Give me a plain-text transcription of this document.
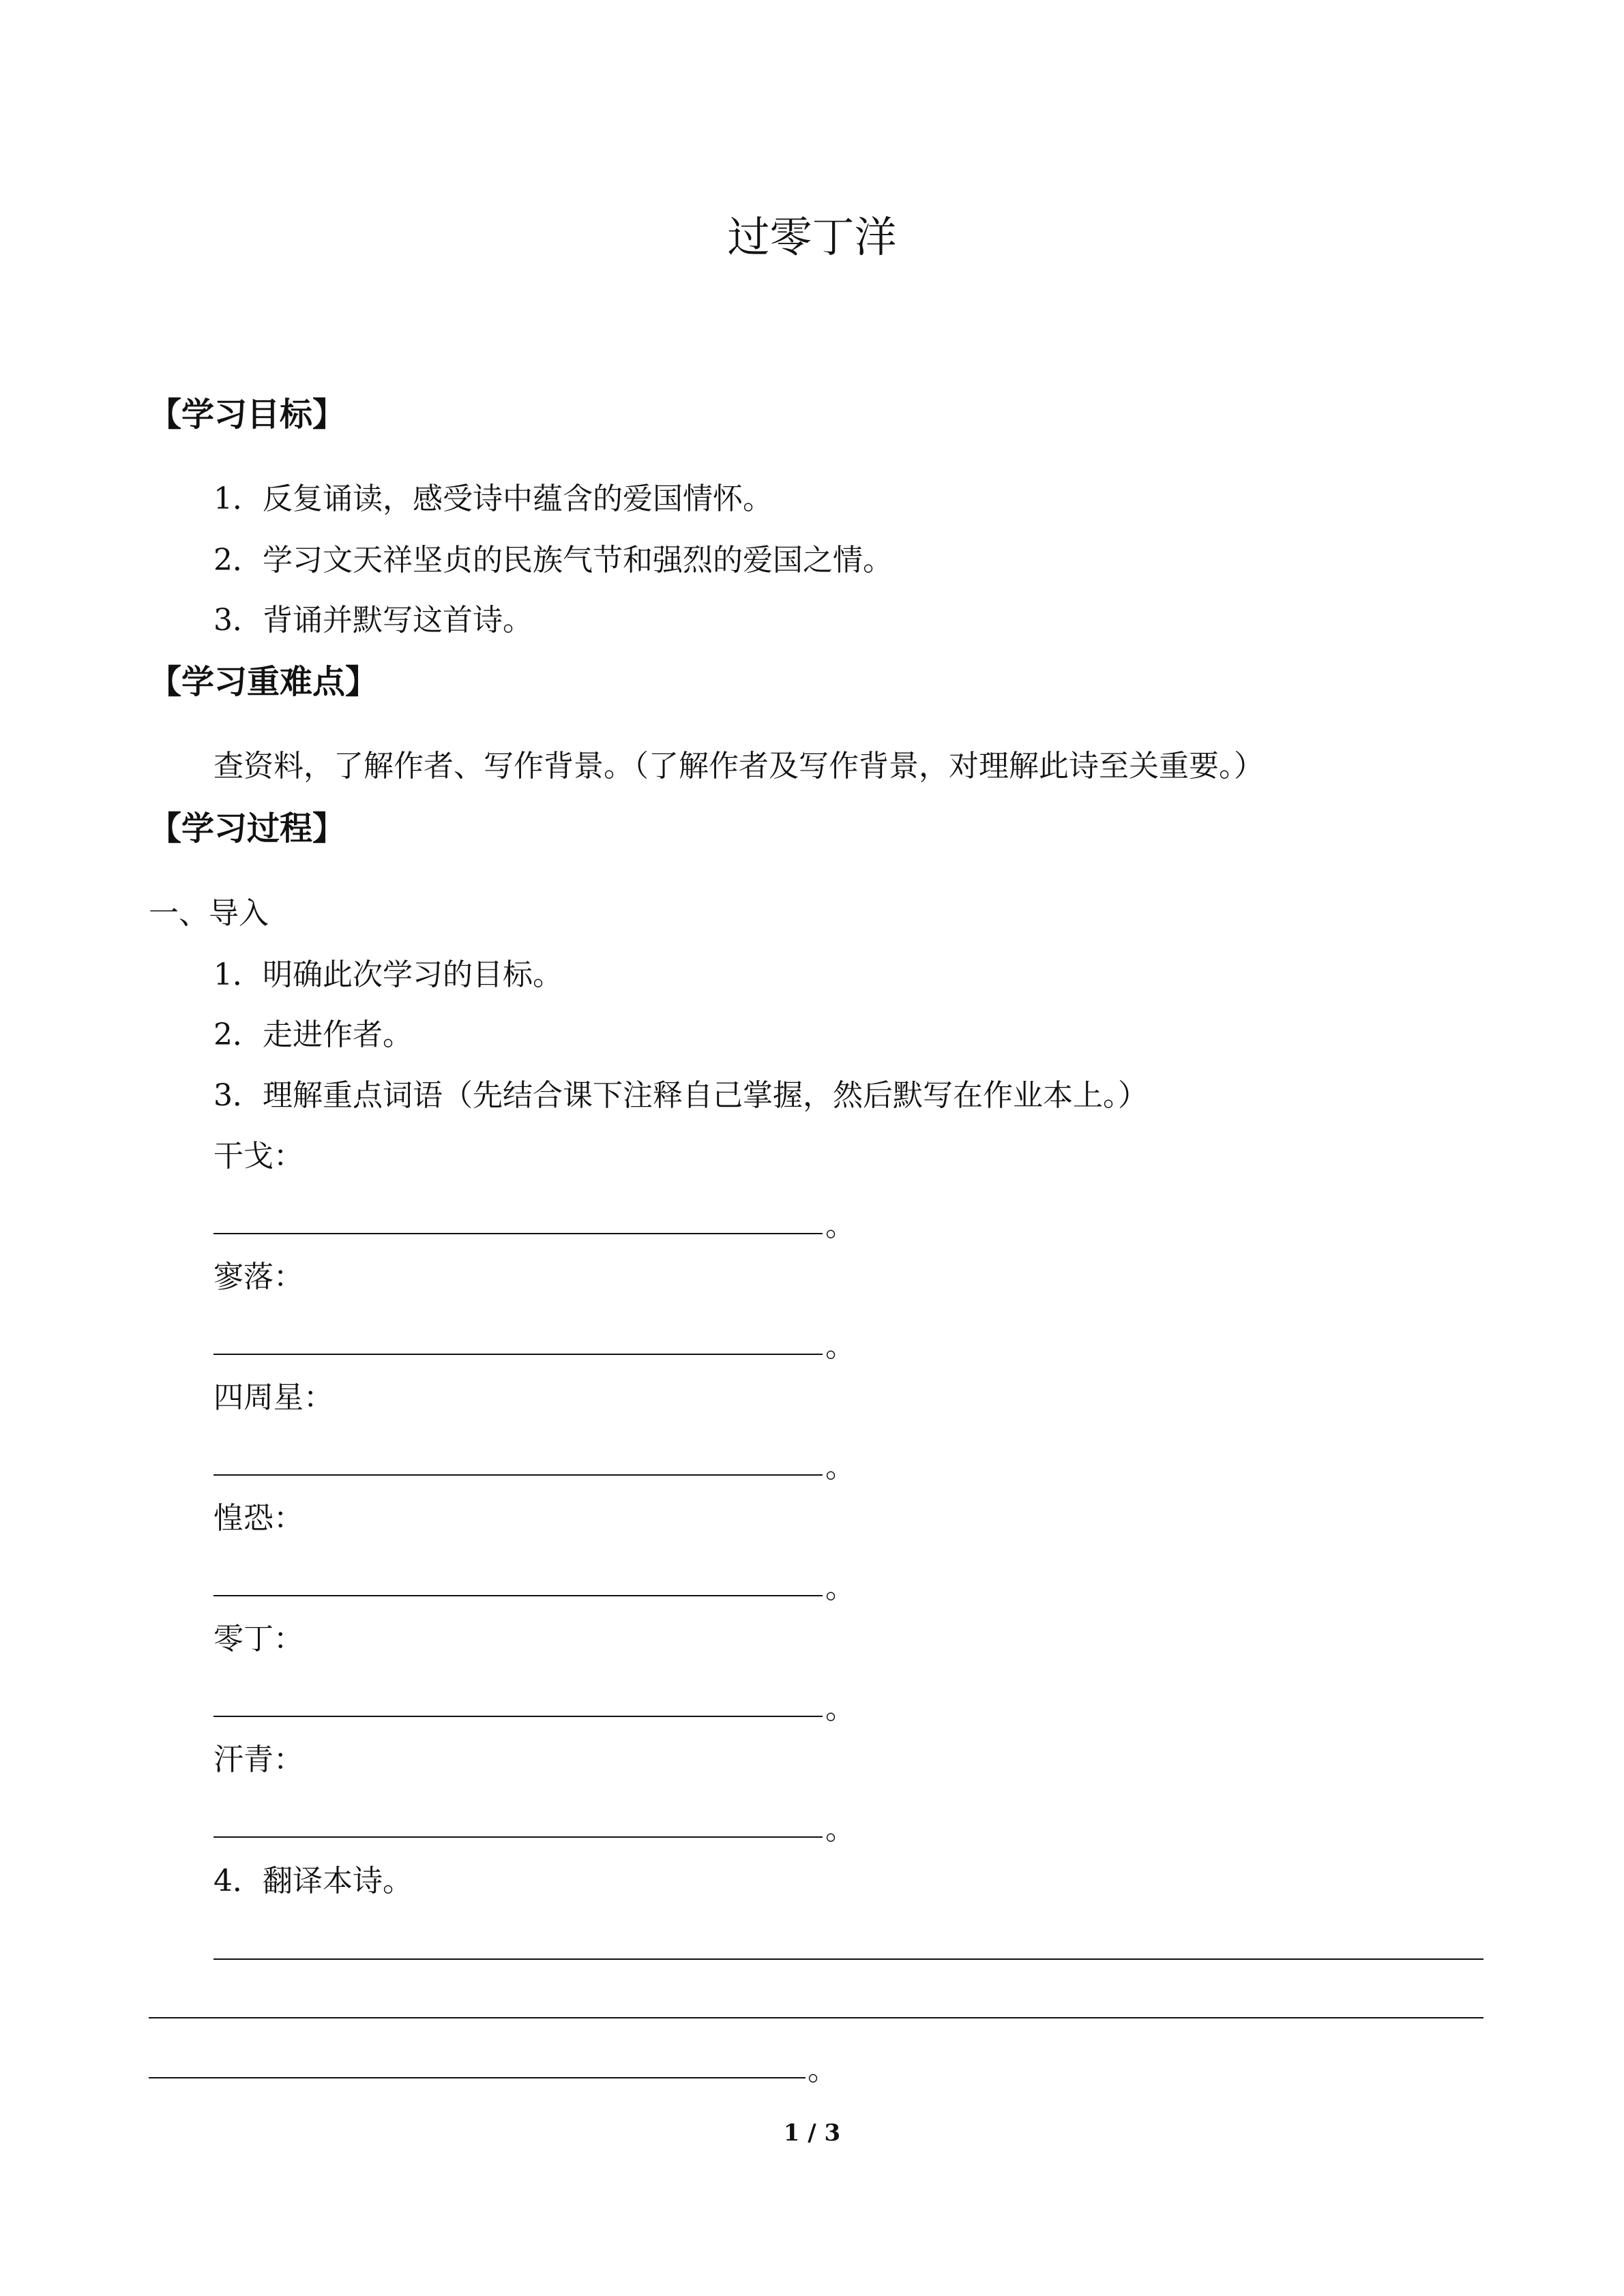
过零丁洋
【学习目标】
1．反复诵读，感受诗中蕴含的爱国情怀。
2．学习文天祥坚贞的民族气节和强烈的爱国之情。
3．背诵并默写这首诗。
【学习重难点】
查资料，了解作者、写作背景。（了解作者及写作背景，对理解此诗至关重要。）
【学习过程】
一、导入
1．明确此次学习的目标。
2．走进作者。
3．理解重点词语（先结合课下注释自己掌握，然后默写在作业本上。）
干戈：
。
寥落：
。
四周星：
。
惶恐：
。
零丁：
。
汗青：
。
4．翻译本诗。
。
1 / 3
